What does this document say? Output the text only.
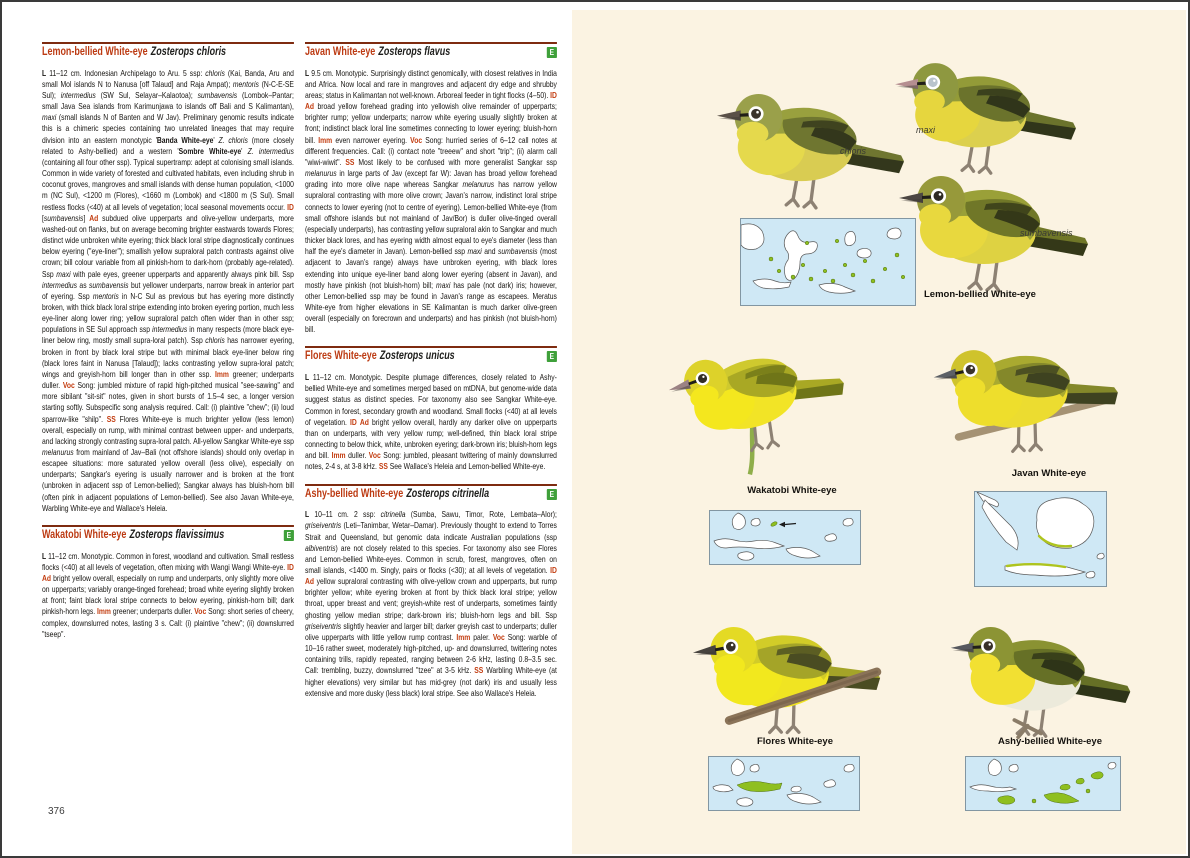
Lemon-bellied White-eye Zosterops chloris

L 11–12 cm. Indonesian Archipelago to Aru. 5 ssp: chloris (Kai, Banda, Aru and small Mol islands N to Nanusa [off Talaud] and Raja Ampat); mentoris (N-C-E-SE Sul); intermedius (SW Sul, Selayar–Kalaotoa); sumbavensis (Lombok–Pantar; small Java Sea islands from Karimunjawa to islands off Bali and S Kalimantan), maxi (small islands N of Banten and W Jav). Preliminary genomic results indicate this is a chimeric species containing two unrelated lineages that may require division into an eastern monotypic 'Banda White-eye' Z. chloris (more closely related to Ashy-bellied) and a western 'Sombre White-eye' Z. intermedius (containing all four other ssp). Typical supertramp: adept at colonising small islands. Common in wide variety of forested and cultivated habitats, even including shrub in coconut groves, mangroves and small islands with dense human population, <1000 m (NC Sul), <1200 m (Flores), <1660 m (Lombok) and <1800 m (S Sul). Small restless flocks (<40) at all levels of vegetation; local seasonal movements occur. ID [sumbavensis] Ad subdued olive upperparts and olive-yellow underparts, more washed-out on flanks, but on average becoming brighter eastwards towards Flores; distinct wide unbroken white eyering; thick black loral stripe diagnostically continues below eyering ("eye-liner"); smallish yellow supraloral patch contrasts against olive crown; bill colour variable from all pinkish-horn to dark-horn (probably age-related). Ssp maxi with pale eyes, greener upperparts and apparently always pink bill. Ssp intermedius as sumbavensis but yellower underparts, narrow break in anterior part of eyering. Ssp mentoris in N-C Sul as previous but has eyering more distinctly broken, with thick black loral stripe extending into broken eyering portion, much less eye-liner along lower ring; yellow supraloral patch often wider than in other ssp; populations in SE Sul approach ssp intermedius in many respects (more black eye-liner below ring, mostly small supra-loral patch). Ssp chloris has narrower eyering, broken in front by black loral stripe but with minimal black eye-liner below ring (black lores faint in Nanusa [Talaud]); lacks contrasting yellow supra-loral patch; wings and greyish-horn bill longer than in other ssp. Imm greener; underparts duller. Voc Song: jumbled mixture of rapid high-pitched musical "see-sawing" and more sibilant "sit-sit" notes, given in short bursts of 1.5–4 sec, a longer version starting softly. Subspecific song analysis required. Call: (i) plaintive "chew"; (ii) loud sparrow-like "shilp". SS Flores White-eye is much brighter yellow (less lemon) overall, especially on rump, with minimal contrast between upper- and underparts, and lacking strongly contrasting supra-loral patch. All-yellow Sangkar White-eye ssp melanurus from mainland of Jav–Bali (not offshore islands) should only overlap in escapee situations: more saturated yellow overall (less olive), especially on underparts; Sangkar's eyering is usually narrower and is broken at the front (unbroken in adjacent ssp of Lemon-bellied); Sangkar always has bluish-horn bill (often pink in adjacent populations of Lemon-bellied). See also Javan White-eye, Warbling White-eye and Wallace's Heleia.

E
Wakatobi White-eye Zosterops flavissimus

L 11–12 cm. Monotypic. Common in forest, woodland and cultivation. Small restless flocks (<40) at all levels of vegetation, often mixing with Wangi Wangi White-eye. ID Ad bright yellow overall, especially on rump and underparts, only slightly more olive on upperparts; variably orange-tinged forehead; broad white eyering slightly broken at front; faint black loral stripe connects to below eyering, pinkish-horn bill; dark pinkish-horn legs. Imm greener; underparts duller. Voc Song: short series of cheery, complex, downslurred notes, lasting 3 s. Call: (i) plaintive "chew"; (ii) downslurred "tseep".

E
Javan White-eye Zosterops flavus

L 9.5 cm. Monotypic. Surprisingly distinct genomically, with closest relatives in India and Africa. Now local and rare in mangroves and adjacent dry edge and shrubby areas; status in Kalimantan not well-known. Arboreal feeder in tight flocks (4–50). ID Ad broad yellow forehead grading into yellowish olive remainder of upperparts; brighter rump; yellow underparts; narrow white eyering usually slightly broken at front; indistinct black loral line sometimes connecting to lower eyering; bluish-horn bill. Imm even narrower eyering. Voc Song: hurried series of 6–12 call notes at different frequencies. Call: (i) contact note "treeew" and short "trip"; (ii) alarm call "wiwi-wiwit". SS Most likely to be confused with more generalist Sangkar ssp melanurus in large parts of Jav (except far W): Javan has broad yellow forehead grading into more olive nape whereas Sangkar melanurus has narrow yellow supraloral contrasting with more olive crown; Javan's narrow, indistinct loral stripe connects to lower eyering (not to centre of eyering). Lemon-bellied White-eye (from small offshore islands but not mainland of Jav/Bor) is duller olive-tinged overall (especially underparts), has contrasting yellow supraloral akin to Sangkar and much thicker black lores, and has eyering width almost equal to eye's diameter (less than half the eye's diameter in Javan). Lemon-bellied ssp maxi and sumbavensis (most adjacent to Javan's range) always have unbroken eyering, with black lores extending into unique eye-liner band along lower eyering (absent in Javan), and mostly have pinkish (not bluish-horn) bill; maxi has pale (not dark) iris; however, other Lemon-bellied ssp may be found in Javan's range as escapees. Meratus White-eye from higher elevations in SE Kalimantan is much darker olive-green overall (especially on forecrown and underparts) and has pinkish (not bluish-horn) bill.

E
Flores White-eye Zosterops unicus

L 11–12 cm. Monotypic. Despite plumage differences, closely related to Ashy-bellied White-eye and sometimes merged based on mtDNA, but genome-wide data suggest status as distinct species. For taxonomy also see Sangkar White-eye. Common in forest, secondary growth and woodland. Small flocks (<40) at all levels of vegetation. ID Ad bright yellow overall, hardly any darker olive on upperparts than on underparts, with very yellow rump; well-defined, thin black loral stripe connecting to below thick, white, unbroken eyering; dark-brown iris; bluish-horn legs and bill. Imm duller. Voc Song: jumbled, pleasant twittering of mainly downslurred notes, 2-4 s, at 3-8 kHz. SS See Wallace's Heleia and Lemon-bellied White-eye.

E
Ashy-bellied White-eye Zosterops citrinella

L 10–11 cm. 2 ssp: citrinella (Sumba, Sawu, Timor, Rote, Lembata–Alor); griseiventris (Leti–Tanimbar, Wetar–Damar). Previously thought to extend to Torres Strait and Queensland, but genomic data indicate Australian populations (ssp albiventris) are not closely related to this species. For taxonomy also see Flores and Lemon-bellied White-eyes. Common in scrub, forest, mangroves, often on small islands, <1400 m. Singly, pairs or flocks (<30); at all levels of vegetation. ID Ad yellow supraloral contrasting with olive-yellow crown and upperparts, but rump brighter yellow; white eyering broken at front by thick black loral stripe; yellow throat, upper breast and vent; greyish-white rest of underparts, sometimes faintly ghosting yellow median stripe; dark-brown iris; bluish-horn legs and bill. Ssp griseiventris slightly heavier and larger bill; darker greyish cast to underparts; duller olive upperparts with little yellow rump contrast. Imm paler. Voc Song: warble of 10–16 rather sweet, moderately high-pitched, up- and downslurred, twittering notes containing trills, rapidly repeated, ranging between 2-6 kHz, lasting 0.8–3.5 sec. Call: trembling, buzzy, downslurred "tzee" at 3-5 kHz. SS Warbling White-eye (at higher elevations) very similar but has mid-grey (not dark) iris and usually less extensive and more dusky (less black) loral stripe. See also Wallace's Heleia.

376
chloris
maxi
sumbavensis
Lemon-bellied White-eye
Wakatobi White-eye
Javan White-eye
Flores White-eye	Ashy-bellied White-eye
